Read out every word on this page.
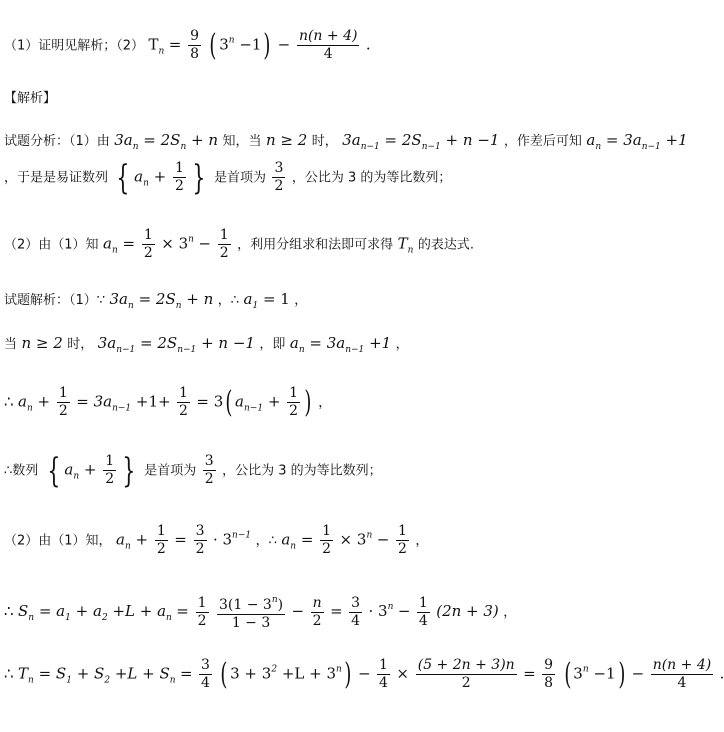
（1）证明见解析；（2） $T_n = \frac{9}{8}$ ( $3^n -1) - \frac{n(n + 4)}{4}$ .
【解析】
试题分析：（1）由 $3a_n = 2S_n + n$ 知，当 n ≥ 2 时， $3a_{n-1} = 2S_{n-1} + n -1$ ，作差后可知 $a_n = 3a_{n-1} +1$
，于是是易证数列 { $a_n + \frac{1}{2}$ } 是首项为 $\frac{3}{2}$ ，公比为 3 的为等比数列；
（2）由（1）知 $a_n = \frac{1}{2} \times 3^n - \frac{1}{2}$ ，利用分组求和法即可求得 $T_n$ 的表达式.
试题解析：（1）∵ $3a_n = 2S_n + n$ ，∴ $a_1 = 1$ ，
当 n ≥ 2 时， $3a_{n-1} = 2S_{n-1} + n -1$ ，即 $a_n = 3a_{n-1} +1$ ，
∴ $a_n + \frac{1}{2} = 3a_{n-1} +1+ \frac{1}{2} = 3$( $a_{n-1} + \frac{1}{2}$ ) ，
∴数列 { $a_n + \frac{1}{2}$ } 是首项为 $\frac{3}{2}$ ，公比为 3 的为等比数列；
（2）由（1）知， $a_n + \frac{1}{2} = \frac{3}{2} \cdot 3^{n-1}$ ，∴ $a_n = \frac{1}{2} \times 3^n - \frac{1}{2}$ ，
∴ $S_n = a_1 + a_2 +L + a_n = \frac{1}{2}$
$\frac{3(1 - 3^n)}{1 - 3} - \frac{n}{2} = \frac{3}{4} \cdot 3^n - \frac{1}{4} (2n + 3)$ ，
∴ $T_n = S_1 + S_2 +L + S_n = \frac{3}{4}$ ( $3 + 3^2 +L + 3^n) - \frac{1}{4} \times \frac{(5 + 2n + 3)n}{2} = \frac{9}{8}$ ( $3^n -1) - \frac{n(n + 4)}{4}$ .
